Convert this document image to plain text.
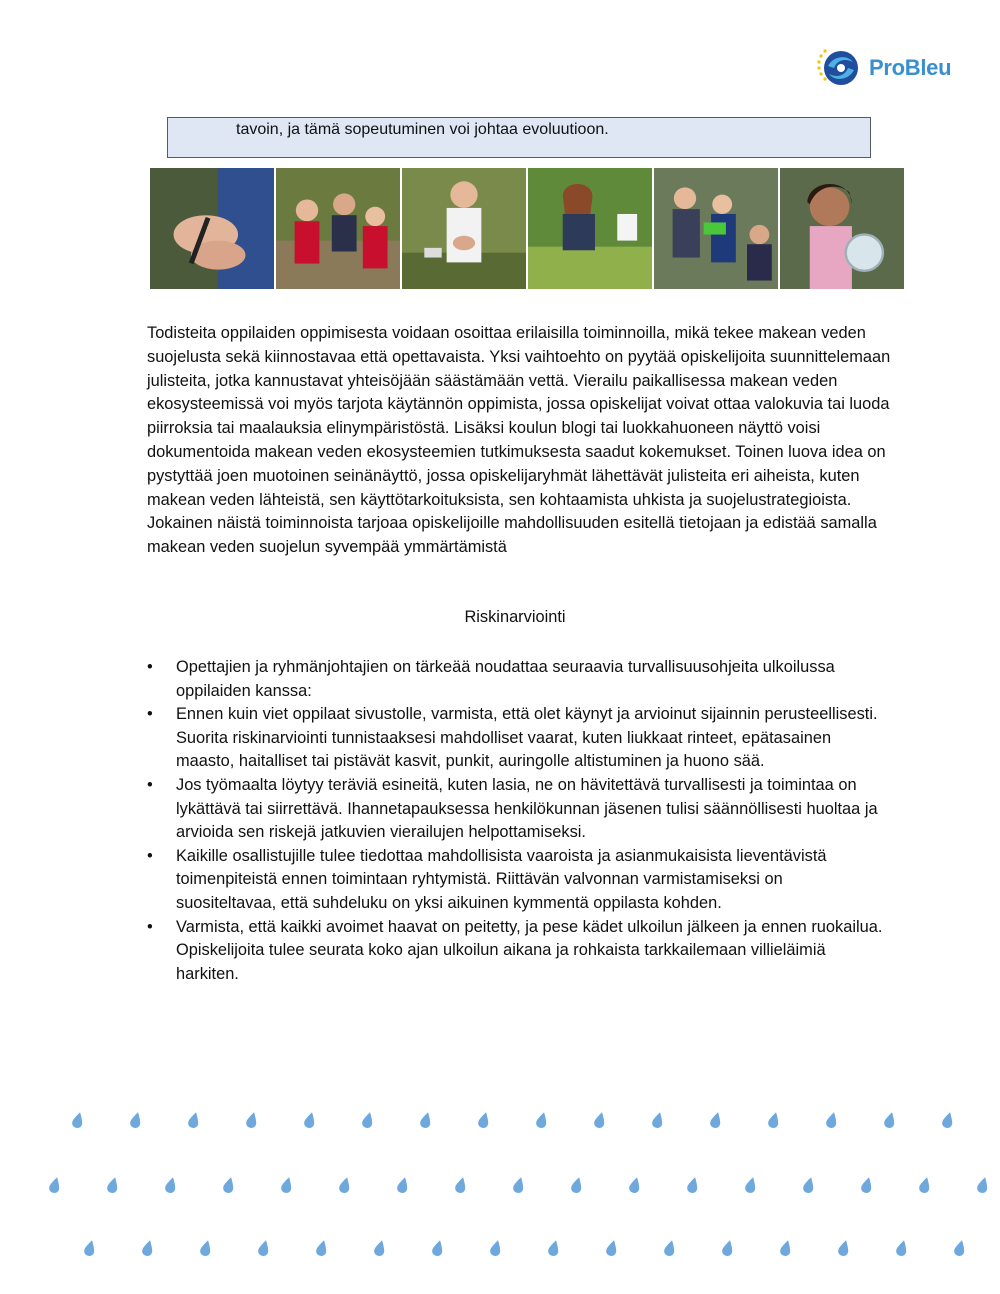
ProBleu

tavoin, ja tämä sopeutuminen voi johtaa evoluutioon.

Todisteita oppilaiden oppimisesta voidaan osoittaa erilaisilla toiminnoilla, mikä tekee makean veden suojelusta sekä kiinnostavaa että opettavaista. Yksi vaihtoehto on pyytää opiskelijoita suunnittelemaan julisteita, jotka kannustavat yhteisöjään säästämään vettä. Vierailu paikallisessa makean veden ekosysteemissä voi myös tarjota käytännön oppimista, jossa opiskelijat voivat ottaa valokuvia tai luoda piirroksia tai maalauksia elinympäristöstä. Lisäksi koulun blogi tai luokkahuoneen näyttö voisi dokumentoida makean veden ekosysteemien tutkimuksesta saadut kokemukset. Toinen luova idea on pystyttää joen muotoinen seinänäyttö, jossa opiskelijaryhmät lähettävät julisteita eri aiheista, kuten makean veden lähteistä, sen käyttötarkoituksista, sen kohtaamista uhkista ja suojelustrategioista. Jokainen näistä toiminnoista tarjoaa opiskelijoille mahdollisuuden esitellä tietojaan ja edistää samalla makean veden suojelun syvempää ymmärtämistä

Riskinarviointi

• Opettajien ja ryhmänjohtajien on tärkeää noudattaa seuraavia turvallisuusohjeita ulkoilussa oppilaiden kanssa:
• Ennen kuin viet oppilaat sivustolle, varmista, että olet käynyt ja arvioinut sijainnin perusteellisesti. Suorita riskinarviointi tunnistaaksesi mahdolliset vaarat, kuten liukkaat rinteet, epätasainen maasto, haitalliset tai pistävät kasvit, punkit, auringolle altistuminen ja huono sää.
• Jos työmaalta löytyy teräviä esineitä, kuten lasia, ne on hävitettävä turvallisesti ja toimintaa on lykättävä tai siirrettävä. Ihannetapauksessa henkilökunnan jäsenen tulisi säännöllisesti huoltaa ja arvioida sen riskejä jatkuvien vierailujen helpottamiseksi.
• Kaikille osallistujille tulee tiedottaa mahdollisista vaaroista ja asianmukaisista lieventävistä toimenpiteistä ennen toimintaan ryhtymistä. Riittävän valvonnan varmistamiseksi on suositeltavaa, että suhdeluku on yksi aikuinen kymmentä oppilasta kohden.
• Varmista, että kaikki avoimet haavat on peitetty, ja pese kädet ulkoilun jälkeen ja ennen ruokailua. Opiskelijoita tulee seurata koko ajan ulkoilun aikana ja rohkaista tarkkailemaan villieläimiä harkiten.
